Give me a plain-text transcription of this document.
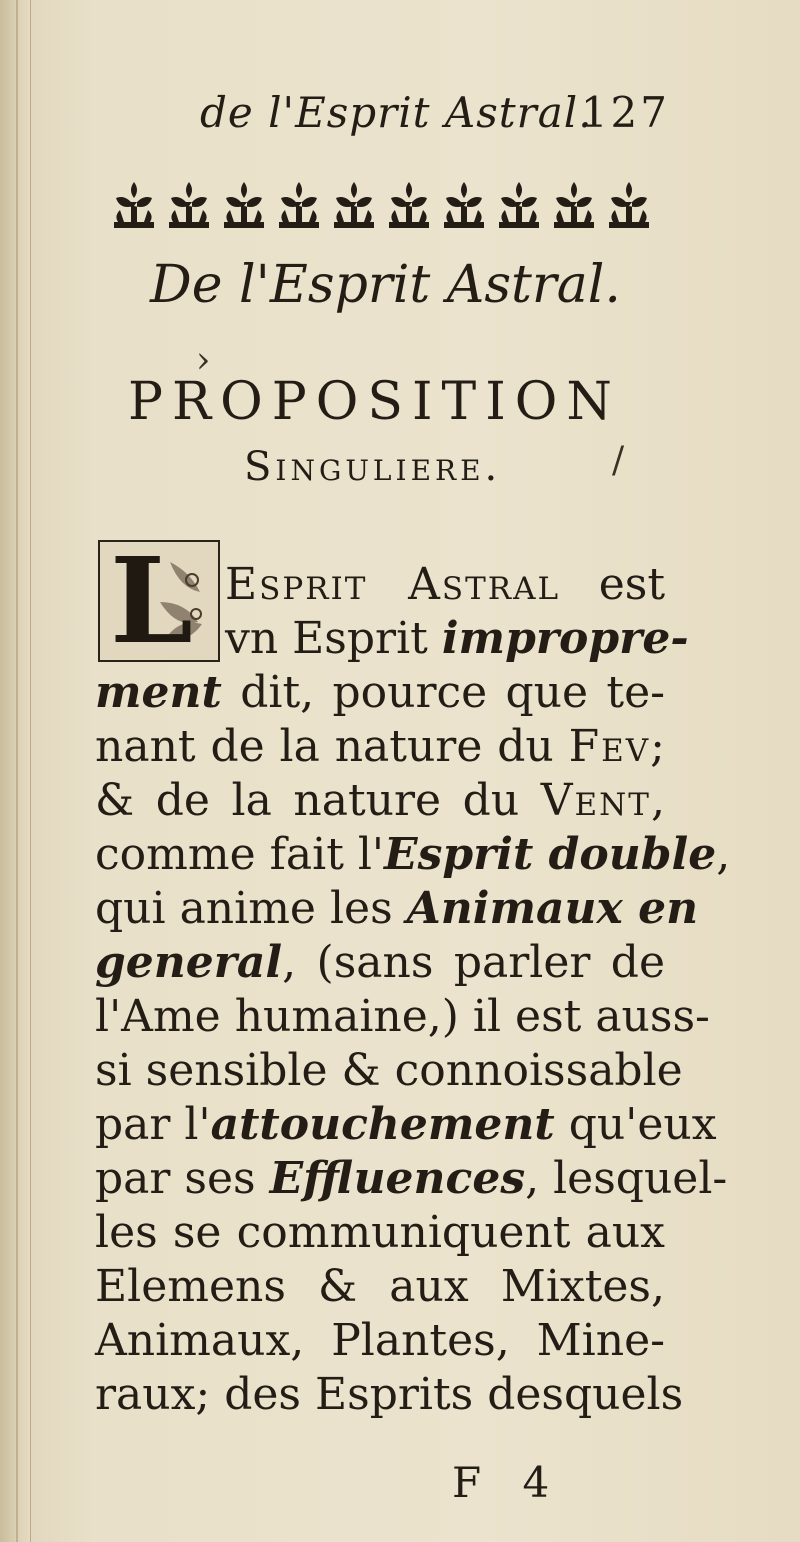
de l'Esprit Astral.
127
De l'Esprit Astral.
PROPOSITION
Singuliere.
›
/
L Esprit Astral est
vn Esprit impropre-
ment dit, pource que te-
nant de la nature du Fev;
& de la nature du Vent,
comme fait l'Esprit double,
qui anime les Animaux en
general, (sans parler de
l'Ame humaine,) il est auss-
si sensible & connoissable
par l'attouchement qu'eux
par ses Effluences, lesquel-
les se communiquent aux
Elemens & aux Mixtes,
Animaux, Plantes, Mine-
raux; des Esprits desquels
F 4
